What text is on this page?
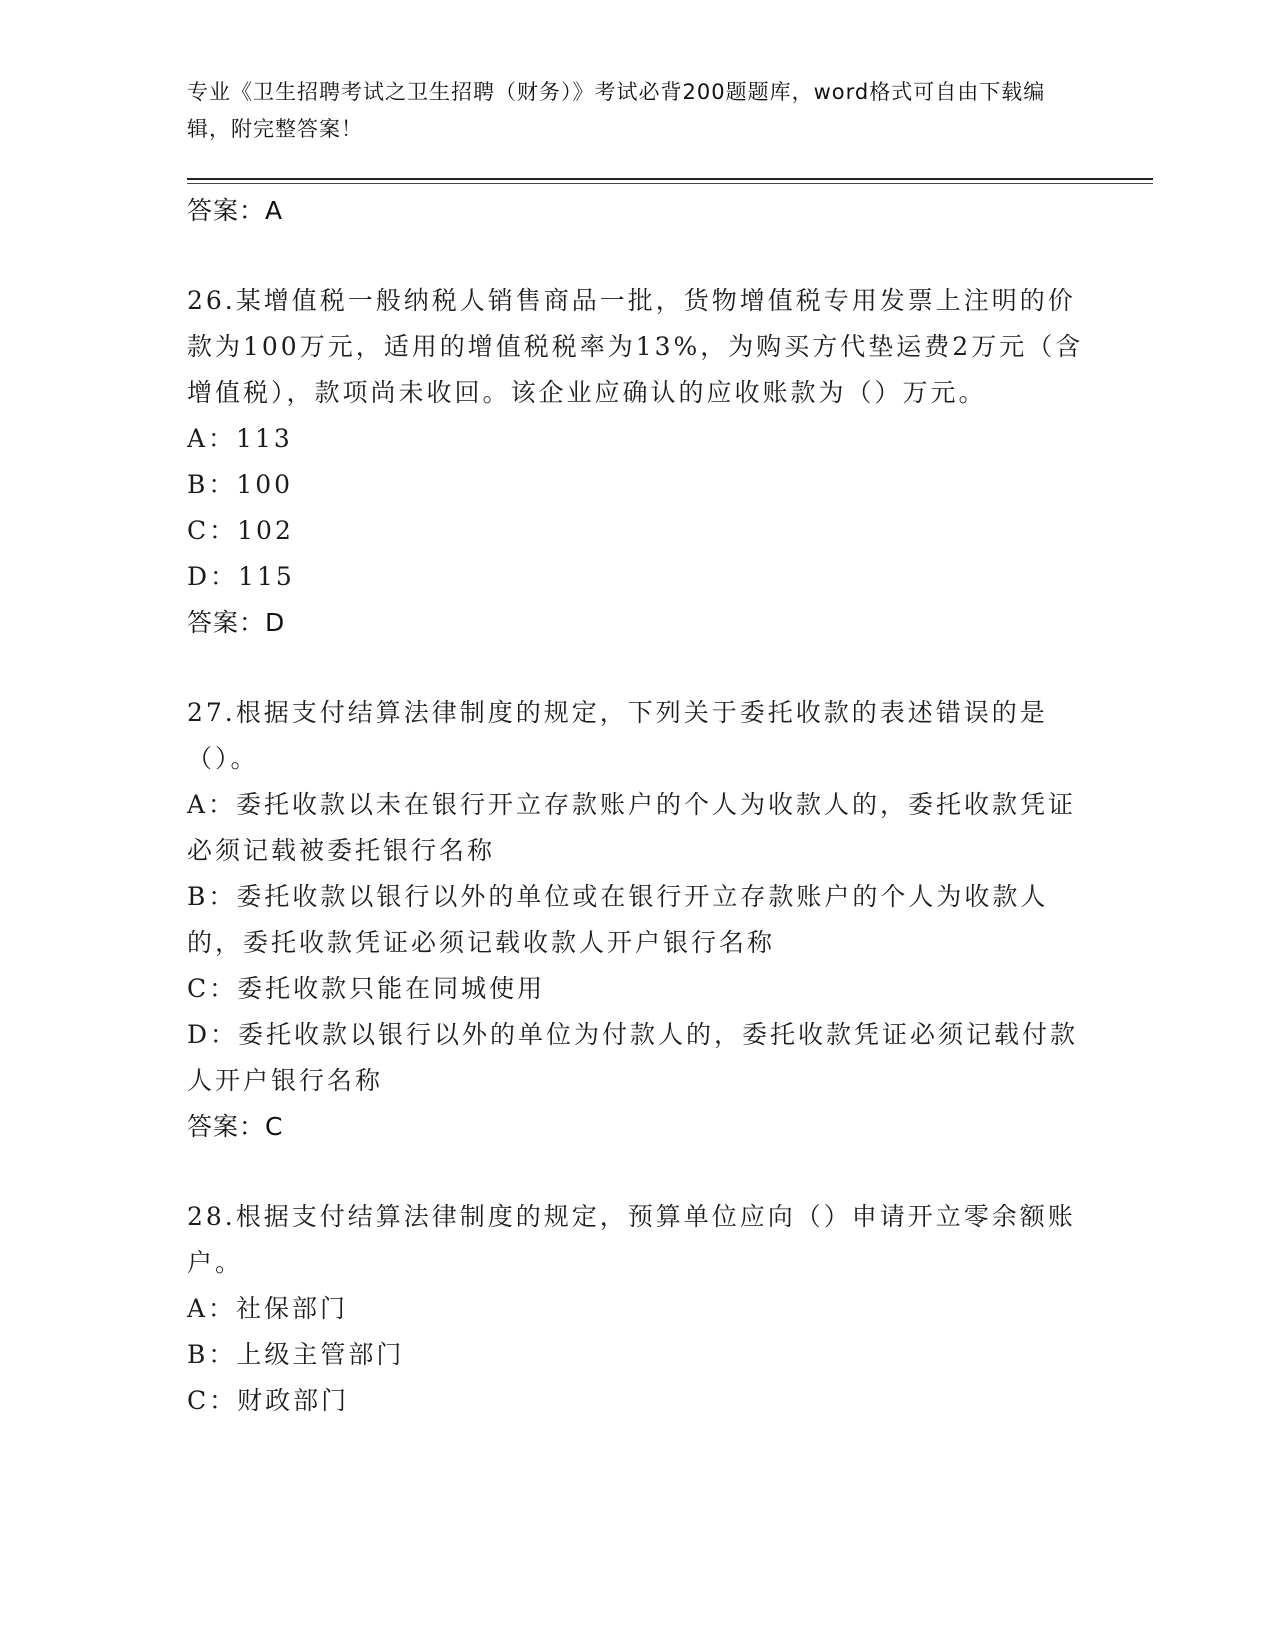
专业《卫生招聘考试之卫生招聘（财务）》考试必背200题题库，word格式可自由下载编辑，附完整答案！
答案：A
26.某增值税一般纳税人销售商品一批，货物增值税专用发票上注明的价款为100万元，适用的增值税税率为13%，为购买方代垫运费2万元（含增值税），款项尚未收回。该企业应确认的应收账款为（）万元。
A：113
B：100
C：102
D：115
答案：D
27.根据支付结算法律制度的规定，下列关于委托收款的表述错误的是（）。
A：委托收款以未在银行开立存款账户的个人为收款人的，委托收款凭证必须记载被委托银行名称
B：委托收款以银行以外的单位或在银行开立存款账户的个人为收款人的，委托收款凭证必须记载收款人开户银行名称
C：委托收款只能在同城使用
D：委托收款以银行以外的单位为付款人的，委托收款凭证必须记载付款人开户银行名称
答案：C
28.根据支付结算法律制度的规定，预算单位应向（）申请开立零余额账户。
A：社保部门
B：上级主管部门
C：财政部门
